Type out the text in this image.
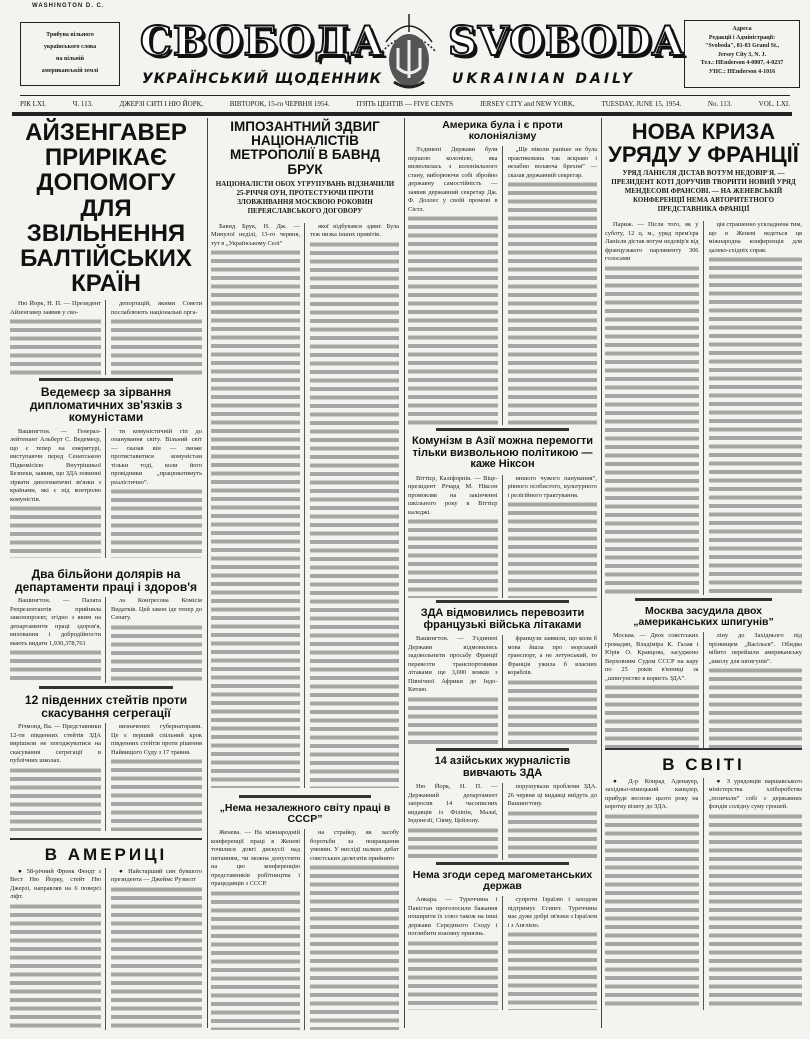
WASHINGTON D. C.
Трибуна вільного
українського слова
на вільній
американській землі
СВОБОДА SVOBODA
УКРАЇНСЬКИЙ ЩОДЕННИК	UKRAINIAN DAILY
Адреса
Редакції і Адміністрації:
"Svoboda", 81-83 Grand St.,
Jersey City 3, N. J.
Тел.: HEnderson 4-0807, 4-0237
УНС.: HEnderson 4-1016
РІК LXI.	Ч. 113.	ДЖЕРЗІ СИТІ І НЮ ЙОРК,	ВІВТОРОК, 15-го ЧЕРВНЯ 1954.	П'ЯТЬ ЦЕНТІВ — FIVE CENTS	JERSEY CITY and NEW YORK,	TUESDAY, JUNE 15, 1954.	No. 113.	VOL. LXI.
АЙЗЕНГАВЕР ПРИРІКАЄ ДОПОМОГУ ДЛЯ ЗВІЛЬНЕННЯ БАЛТІЙСЬКИХ КРАЇН

Ню Йорк, Н. П. — Президент Айзенгавер заявив у сво-

депортацій, якими Совети послаблюють національні орга-

Ведемеєр за зірвання дипломатичних зв'язків з комуністами

Вашингтон. — Генерал-лейтенант Альберт С. Ведемеєр, що є тепер на емеритурі, виступаючи перед Сенатською Підкомісією Внутрішньої Безпеки, заявив, що ЗДА повинні зірвати дипломатичні зв'язки з країнами, які є під контролю комуністів.

ти комуністичній гіп до опанування світу. Вільний світ — сказав він — зможе протиставитися комуністам тільки тоді, коли його провідники „працюватимуть реалістично”.

Два більйони долярів на департаменти праці і здоров'я

Вашингтон. — Палата Репрезентантів прийняла законопроєкт, згідно з яким на департаменти праці здоров'я, виховання і добродійности мають видати 1,930,378,761

ла Конґресова Комісія Видатків. Цей закон іде тепер до Сенату.

12 південних стейтів проти скасування сегрегації

Річмонд, Ва. — Представники 12-ти південних стейтів ЗДА вирішили не погоджуватися на скасування сегрегації в публічних школах.

визначених губернаторами. Це є перший спільний крок південних стейтів проти рішення Найвищого Суду з 17 травня.

В АМЕРИЦІ

● 58-річний Френк Фендт з Вест Ню Йорку, стейт Ню Джерзі, направляв на 6 поверсі ліфт.

● Найстарший син бувшого президента — Джеймс Рузвелт

ІМПОЗАНТНИЙ ЗДВИГ НАЦІОНАЛІСТІВ МЕТРОПОЛІЇ В БАВНД БРУК
НАЦІОНАЛІСТИ ОБОХ УГРУПУВАНЬ ВІДЗНАЧИЛИ 25-РІЧЧЯ ОУН, ПРОТЕСТУЮЧИ ПРОТИ ЗЛОВЖИВАННЯ МОСКВОЮ РОКОВИН ПЕРЕЯСЛАВСЬКОГО ДОГОВОРУ

Бавнд Брук, Н. Дж. — Минулої неділі, 13-го червня, тут в „Українському Селі”

якої відбувався здвиг. Була теж низка інших привітів.

„Нема незалежного світу праці в СССР”

Женева. — На міжнародній конференції праці в Женеві точилися довгі дискусії над питанням, чи можна допустити на цю конференцію представників робітництва і працедавців з СССР.

на страйку, як засобу боротьби за покращання умовин. У вислідї палких дебат совєтських делегатів прийнято

Америка була і є проти колоніялізму

З'єдинені Держави були першою колонією, яка визволилась з колоніяльного стану, виборюючи собі збройно державну самостійність — заявив державний секретар Дж. Ф. Доллес у своїй промові в Сієтл.

„Ще ніколи раніше не була практикована так яскраво і незабно волаюча брехня” — сказав державний секретар.

Комунізм в Азії можна перемогти тільки визвольною політикою — каже Ніксон

Віттієр, Каліфорнія. — Віце-президент Річард М. Ніксон промовляв на закінченні шкільного року в Віттієр каледжі.

иншого чужого панування”, рівного особистого, культурного і релігійного трактування.

ЗДА відмовились перевозити французькі війська літаками

Вашингтон. — З'єдинені Держави відмовились задовольнити просьбу Франції перевезти транспортовими літаками ще 3,000 вояків з Північної Африки до Індо-Китаю.

французи заявили, що коли б мова йшла про морський транспорт, а не летунський, то Франція ужила б власних кораблів.

14 азійських журналістів вивчають ЗДА

Ню Йорк, Н. П. — Державний департамент запросив 14 часописних видавців із Філіпін, Малаї, Індонезії, Сіяму, Цейлону.

порушували проблеми ЗДА. 26 червня ці видавці виїдуть до Вашингтону.

Нема згоди серед магометанських держав

Анкара. — Туреччина і Пакістан проголосили бажання поширити їх союз також на інші держави Середнього Сходу і поглибити взаємну приязнь.

супроти Ізраїлю і заходом підтримує Єгипет. Туреччина має дуже добрі зв'язки з Ізраїлем і з Англією.

НОВА КРИЗА УРЯДУ У ФРАНЦІЇ
УРЯД ЛАНІЄЛЯ ДІСТАВ ВОТУМ НЕДОВІР'Я. — ПРЕЗИДЕНТ КОТІ ДОРУЧИВ ТВОРИТИ НОВИЙ УРЯД МЕНДЕСОВІ ФРАНСОВІ. — НА ЖЕНЕВСЬКІЙ КОНФЕРЕНЦІЇ НЕМА АВТОРИТЕТНОГО ПРЕДСТАВНИКА ФРАНЦІЇ

Париж. — Після того, як у суботу, 12 ц. м., уряд прем'єра Ланієля дістав вотум недовір'я від французького парляменту 306 голосами

ція страшенно ускладнена тим, що в Женеві ведеться ця міжнародна конференція для далеко-східніх справ.

Москва засудила двох „американських шпигунів”

Москва. — Двох совєтських громадян, Владіміра К. Галая і Юрія О. Кравцова, засуджено Верховним Судом СССР на кару по 25 років в'язниці за „шпигунство в користь ЗДА”.

ліну до Західнього під прізвищем „Васільєв”. Обидва нібито перейшли американську „школу для шпигунів”.

В СВІТІ

● Д-р Конрад Аденауер, західньо-німецький канцлер, прибуде весною цього року на коротку візиту до ЗДА.

● З урядовців варшавського міністерства хліборобства „позичали” собі з державних фондів солідну суму грошей.
